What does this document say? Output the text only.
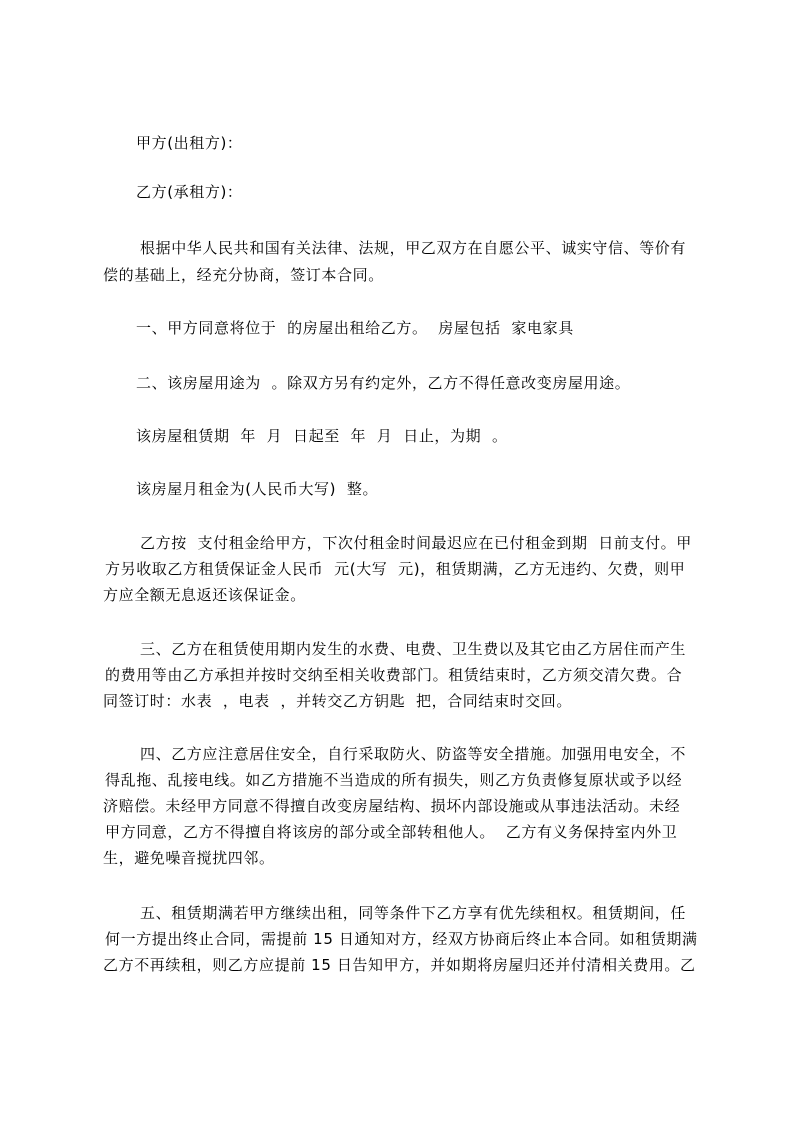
甲方(出租方)：
乙方(承租方)：
根据中华人民共和国有关法律、法规，甲乙双方在自愿公平、诚实守信、等价有
偿的基础上，经充分协商，签订本合同。
一、甲方同意将位于  的房屋出租给乙方。  房屋包括  家电家具
二、该房屋用途为  。除双方另有约定外，乙方不得任意改变房屋用途。
该房屋租赁期  年  月  日起至  年  月  日止，为期  。
该房屋月租金为(人民币大写)  整。
乙方按  支付租金给甲方，下次付租金时间最迟应在已付租金到期  日前支付。甲
方另收取乙方租赁保证金人民币  元(大写  元)，租赁期满，乙方无违约、欠费，则甲
方应全额无息返还该保证金。
三、乙方在租赁使用期内发生的水费、电费、卫生费以及其它由乙方居住而产生
的费用等由乙方承担并按时交纳至相关收费部门。租赁结束时，乙方须交清欠费。合
同签订时：水表  ，电表  ，并转交乙方钥匙  把，合同结束时交回。
四、乙方应注意居住安全，自行采取防火、防盗等安全措施。加强用电安全，不
得乱拖、乱接电线。如乙方措施不当造成的所有损失，则乙方负责修复原状或予以经
济赔偿。未经甲方同意不得擅自改变房屋结构、损坏内部设施或从事违法活动。未经
甲方同意，乙方不得擅自将该房的部分或全部转租他人。  乙方有义务保持室内外卫
生，避免噪音搅扰四邻。
五、租赁期满若甲方继续出租，同等条件下乙方享有优先续租权。租赁期间，任
何一方提出终止合同，需提前 15 日通知对方，经双方协商后终止本合同。如租赁期满
乙方不再续租，则乙方应提前 15 日告知甲方，并如期将房屋归还并付清相关费用。乙
